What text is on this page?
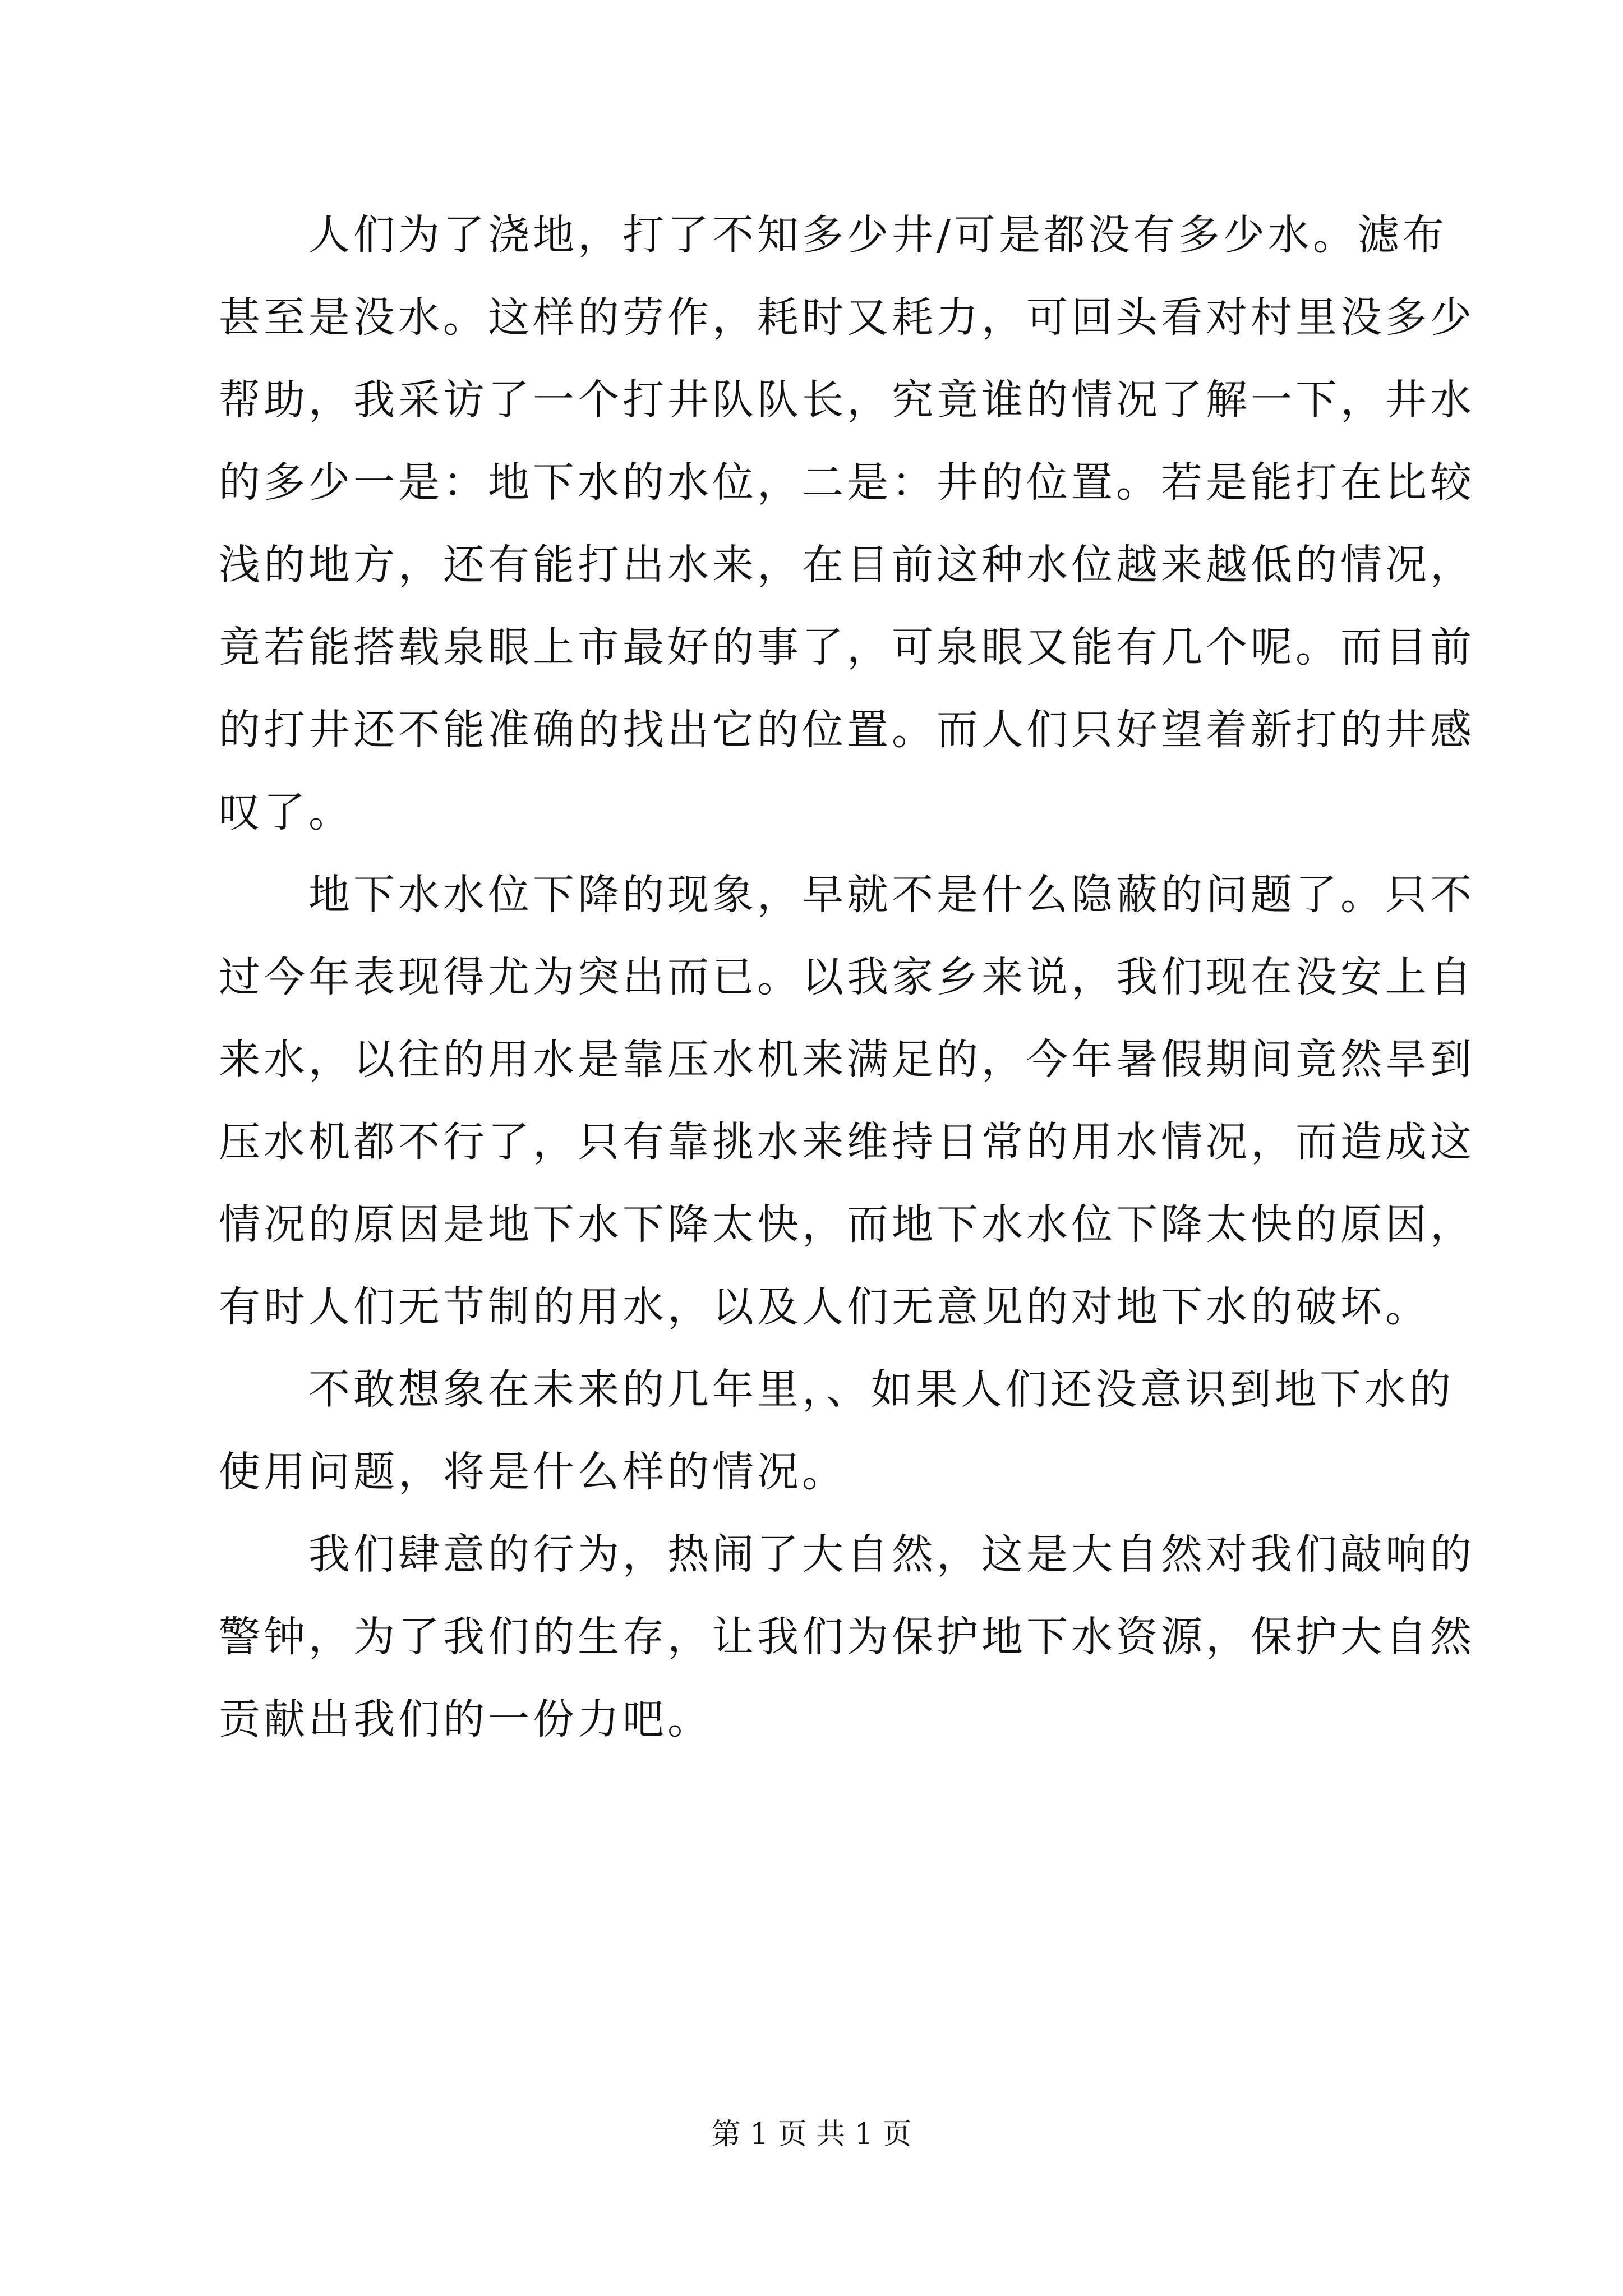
人们为了浇地，打了不知多少井/可是都没有多少水。滤布
甚至是没水。这样的劳作，耗时又耗力，可回头看对村里没多少
帮助，我采访了一个打井队队长，究竟谁的情况了解一下，井水
的多少一是：地下水的水位，二是：井的位置。若是能打在比较
浅的地方，还有能打出水来，在目前这种水位越来越低的情况，
竟若能搭载泉眼上市最好的事了，可泉眼又能有几个呢。而目前
的打井还不能准确的找出它的位置。而人们只好望着新打的井感
叹了。
地下水水位下降的现象，早就不是什么隐蔽的问题了。只不
过今年表现得尤为突出而已。以我家乡来说，我们现在没安上自
来水，以往的用水是靠压水机来满足的，今年暑假期间竟然旱到
压水机都不行了，只有靠挑水来维持日常的用水情况，而造成这
情况的原因是地下水下降太快，而地下水水位下降太快的原因，
有时人们无节制的用水，以及人们无意见的对地下水的破坏。
不敢想象在未来的几年里，、如果人们还没意识到地下水的
使用问题，将是什么样的情况。
我们肆意的行为，热闹了大自然，这是大自然对我们敲响的
警钟，为了我们的生存，让我们为保护地下水资源，保护大自然
贡献出我们的一份力吧。
第 1 页 共 1 页
